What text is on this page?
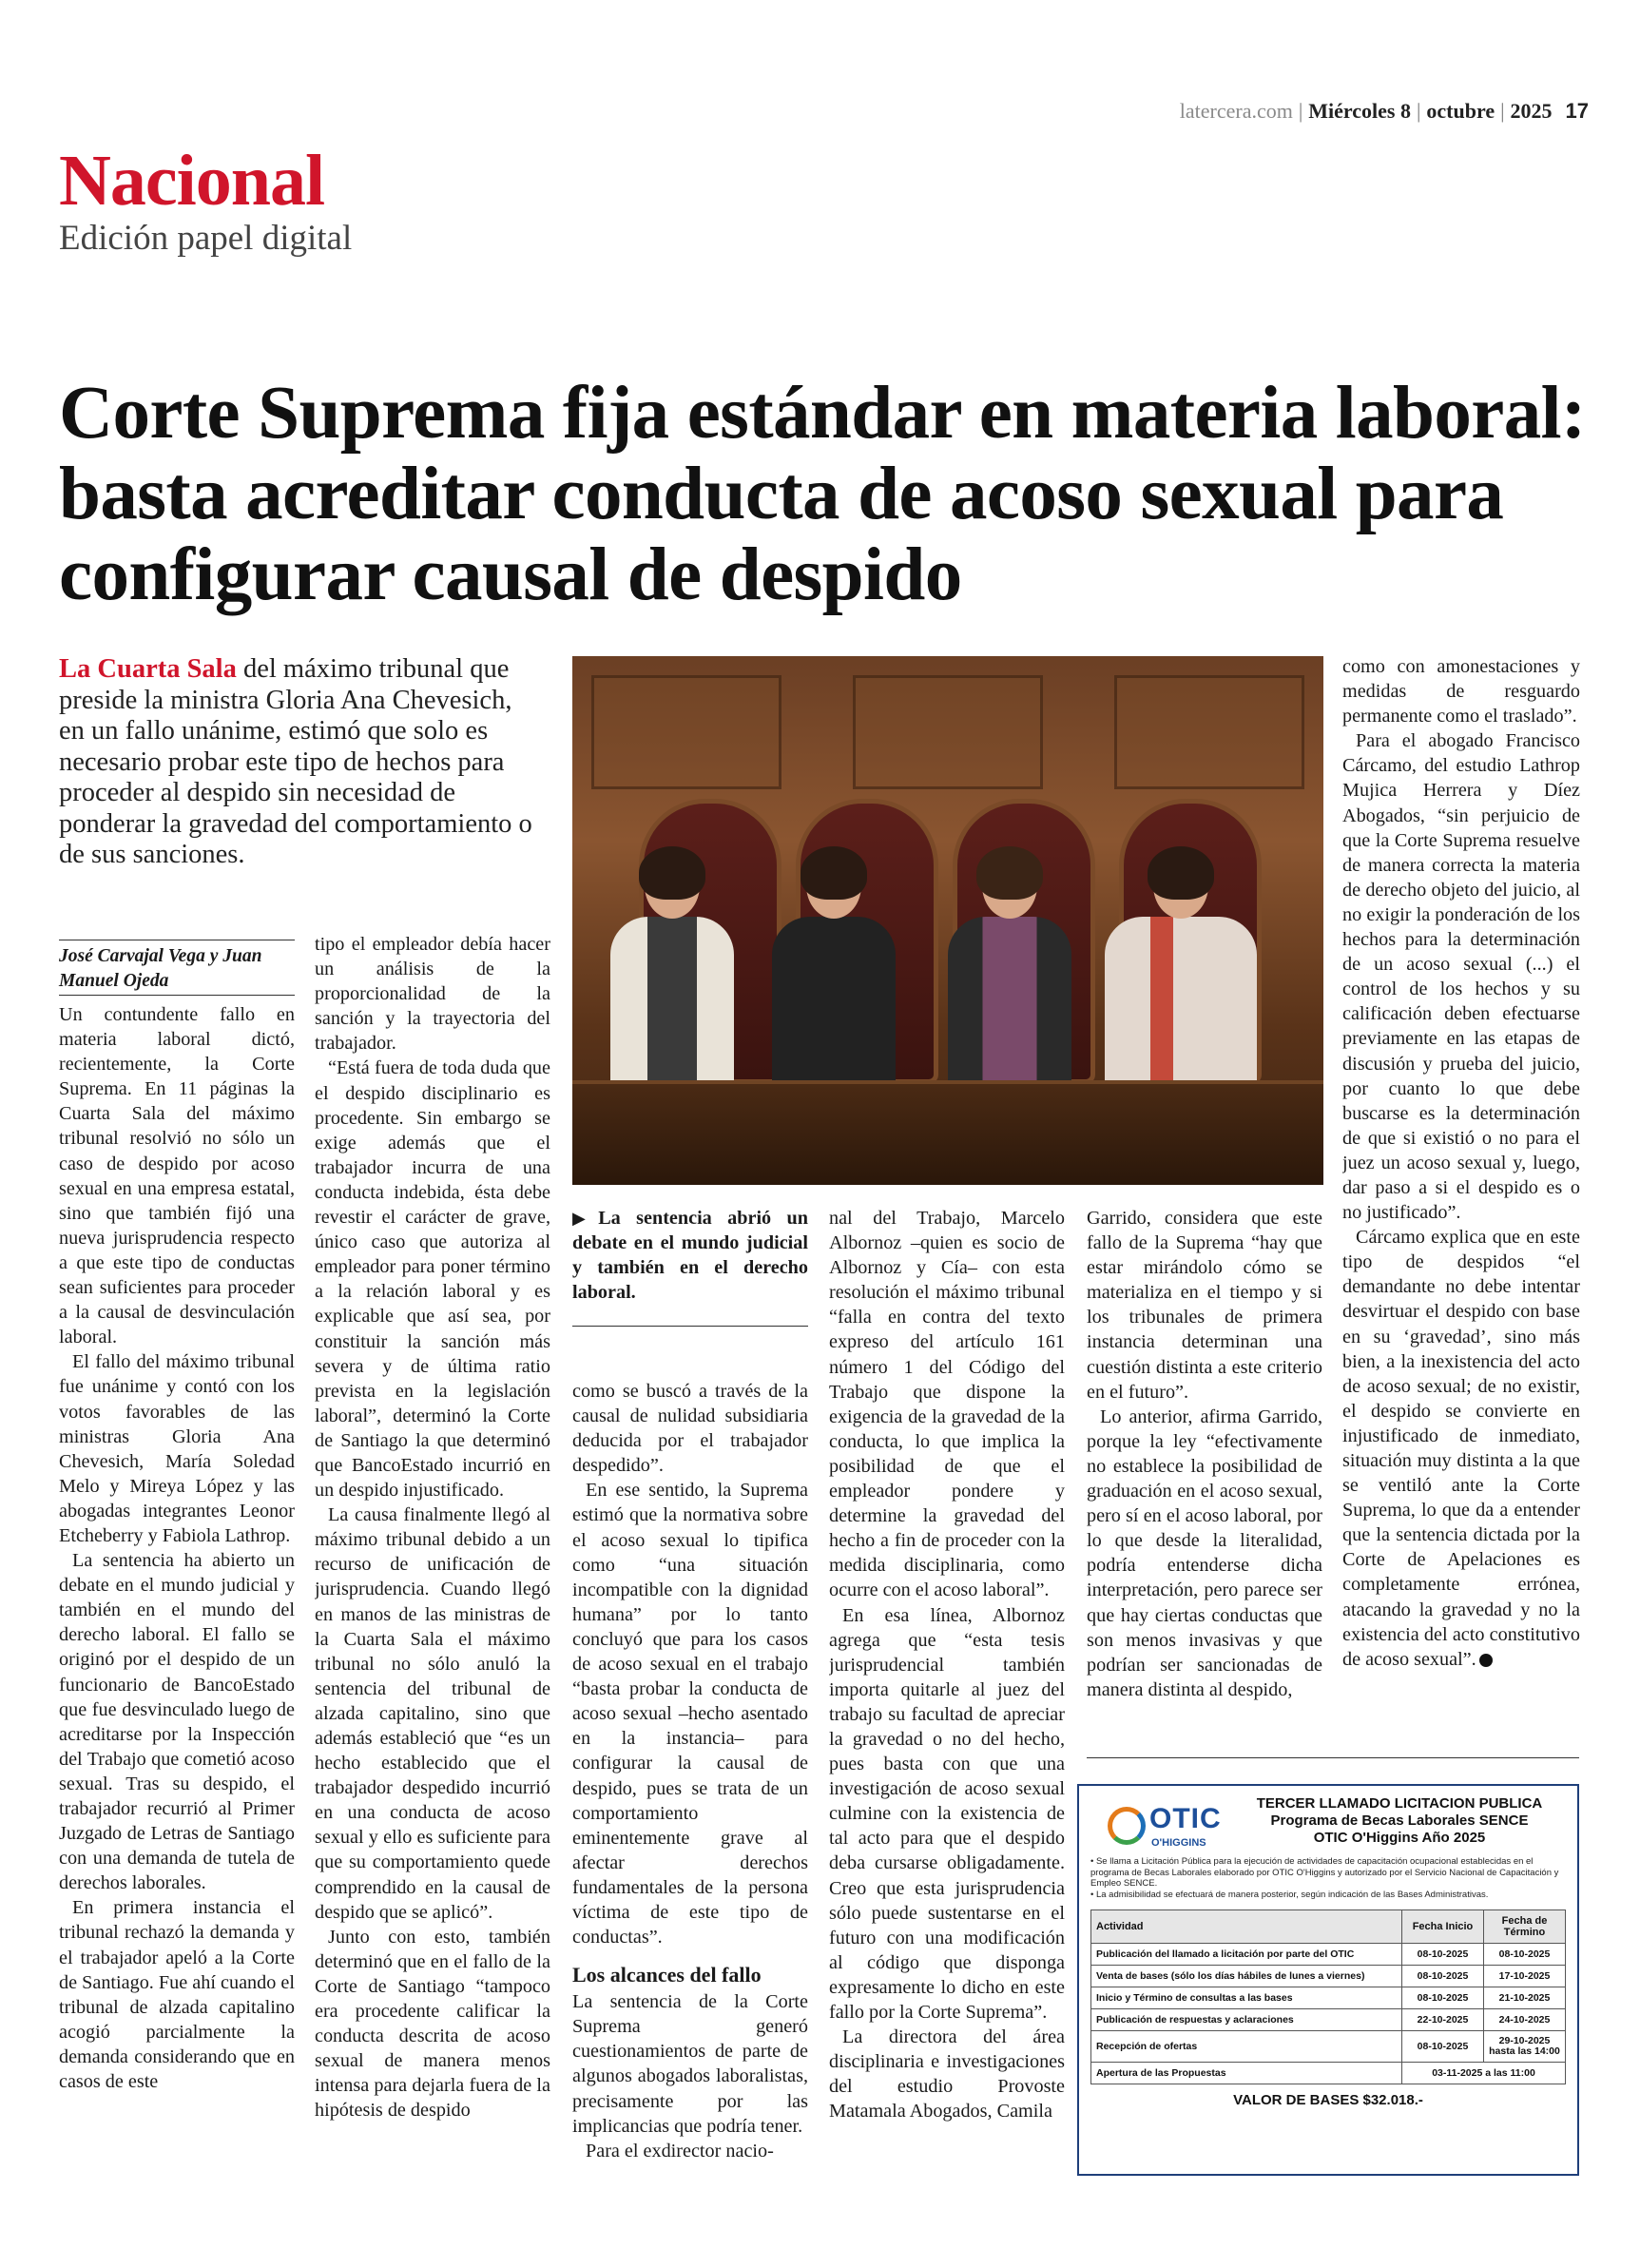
latercera.com | Miércoles 8 | octubre | 2025 17
Nacional
Edición papel digital
Corte Suprema fija estándar en materia laboral: basta acreditar conducta de acoso sexual para configurar causal de despido
La Cuarta Sala del máximo tribunal que preside la ministra Gloria Ana Chevesich, en un fallo unánime, estimó que solo es necesario probar este tipo de hechos para proceder al despido sin necesidad de ponderar la gravedad del comportamiento o de sus sanciones.
José Carvajal Vega y Juan Manuel Ojeda

Un contundente fallo en materia laboral dictó, recientemente, la Corte Suprema. En 11 páginas la Cuarta Sala del máximo tribunal resolvió no sólo un caso de despido por acoso sexual en una empresa estatal, sino que también fijó una nueva jurisprudencia respecto a que este tipo de conductas sean suficientes para proceder a la causal de desvinculación laboral.

El fallo del máximo tribunal fue unánime y contó con los votos favorables de las ministras Gloria Ana Chevesich, María Soledad Melo y Mireya López y las abogadas integrantes Leonor Etcheberry y Fabiola Lathrop.

La sentencia ha abierto un debate en el mundo judicial y también en el mundo del derecho laboral. El fallo se originó por el despido de un funcionario de BancoEstado que fue desvinculado luego de acreditarse por la Inspección del Trabajo que cometió acoso sexual. Tras su despido, el trabajador recurrió al Primer Juzgado de Letras de Santiago con una demanda de tutela de derechos laborales.

En primera instancia el tribunal rechazó la demanda y el trabajador apeló a la Corte de Santiago. Fue ahí cuando el tribunal de alzada capitalino acogió parcialmente la demanda considerando que en casos de este

tipo el empleador debía hacer un análisis de la proporcionalidad de la sanción y la trayectoria del trabajador.

“Está fuera de toda duda que el despido disciplinario es procedente. Sin embargo se exige además que el trabajador incurra de una conducta indebida, ésta debe revestir el carácter de grave, único caso que autoriza al empleador para poner término a la relación laboral y es explicable que así sea, por constituir la sanción más severa y de última ratio prevista en la legislación laboral”, determinó la Corte de Santiago la que determinó que BancoEstado incurrió en un despido injustificado.

La causa finalmente llegó al máximo tribunal debido a un recurso de unificación de jurisprudencia. Cuando llegó en manos de las ministras de la Cuarta Sala el máximo tribunal no sólo anuló la sentencia del tribunal de alzada capitalino, sino que además estableció que “es un hecho establecido que el trabajador despedido incurrió en una conducta de acoso sexual y ello es suficiente para que su comportamiento quede comprendido en la causal de despido que se aplicó”.

Junto con esto, también determinó que en el fallo de la Corte de Santiago “tampoco era procedente calificar la conducta descrita de acoso sexual de manera menos intensa para dejarla fuera de la hipótesis de despido

▶La sentencia abrió un debate en el mundo judicial y también en el derecho laboral.

como se buscó a través de la causal de nulidad subsidiaria deducida por el trabajador despedido”.

En ese sentido, la Suprema estimó que la normativa sobre el acoso sexual lo tipifica como “una situación incompatible con la dignidad humana” por lo tanto concluyó que para los casos de acoso sexual en el trabajo “basta probar la conducta de acoso sexual –hecho asentado en la instancia– para configurar la causal de despido, pues se trata de un comportamiento eminentemente grave al afectar derechos fundamentales de la persona víctima de este tipo de conductas”.

Los alcances del fallo

La sentencia de la Corte Suprema generó cuestionamientos de parte de algunos abogados laboralistas, precisamente por las implicancias que podría tener.

Para el exdirector nacio-

nal del Trabajo, Marcelo Albornoz –quien es socio de Albornoz y Cía– con esta resolución el máximo tribunal “falla en contra del texto expreso del artículo 161 número 1 del Código del Trabajo que dispone la exigencia de la gravedad de la conducta, lo que implica la posibilidad de que el empleador pondere y determine la gravedad del hecho a fin de proceder con la medida disciplinaria, como ocurre con el acoso laboral”.

En esa línea, Albornoz agrega que “esta tesis jurisprudencial también importa quitarle al juez del trabajo su facultad de apreciar la gravedad o no del hecho, pues basta con que una investigación de acoso sexual culmine con la existencia de tal acto para que el despido deba cursarse obligadamente. Creo que esta jurisprudencia sólo puede sustentarse en el futuro con una modificación al código que disponga expresamente lo dicho en este fallo por la Corte Suprema”.

La directora del área disciplinaria e investigaciones del estudio Provoste Matamala Abogados, Camila

Garrido, considera que este fallo de la Suprema “hay que estar mirándolo cómo se materializa en el tiempo y si los tribunales de primera instancia determinan una cuestión distinta a este criterio en el futuro”.

Lo anterior, afirma Garrido, porque la ley “efectivamente no establece la posibilidad de graduación en el acoso sexual, pero sí en el acoso laboral, por lo que desde la literalidad, podría entenderse dicha interpretación, pero parece ser que hay ciertas conductas que son menos invasivas y que podrían ser sancionadas de manera distinta al despido,

como con amonestaciones y medidas de resguardo permanente como el traslado”.

Para el abogado Francisco Cárcamo, del estudio Lathrop Mujica Herrera y Díez Abogados, “sin perjuicio de que la Corte Suprema resuelve de manera correcta la materia de derecho objeto del juicio, al no exigir la ponderación de los hechos para la determinación de un acoso sexual (...) el control de los hechos y su calificación deben efectuarse previamente en las etapas de discusión y prueba del juicio, por cuanto lo que debe buscarse es la determinación de que si existió o no para el juez un acoso sexual y, luego, dar paso a si el despido es o no justificado”.

Cárcamo explica que en este tipo de despidos “el demandante no debe intentar desvirtuar el despido con base en su ‘gravedad’, sino más bien, a la inexistencia del acto de acoso sexual; de no existir, el despido se convierte en injustificado de inmediato, situación muy distinta a la que se ventiló ante la Corte Suprema, lo que da a entender que la sentencia dictada por la Corte de Apelaciones es completamente errónea, atacando la gravedad y no la existencia del acto constitutivo de acoso sexual”.

OTIC
O'HIGGINS
TERCER LLAMADO LICITACION PUBLICA
Programa de Becas Laborales SENCE
OTIC O'Higgins Año 2025
• Se llama a Licitación Pública para la ejecución de actividades de capacitación ocupacional establecidas en el programa de Becas Laborales elaborado por OTIC O'Higgins y autorizado por el Servicio Nacional de Capacitación y Empleo SENCE.
• La admisibilidad se efectuará de manera posterior, según indicación de las Bases Administrativas.
Actividad	Fecha Inicio	Fecha de Término
Publicación del llamado a licitación por parte del OTIC	08-10-2025	08-10-2025
Venta de bases (sólo los días hábiles de lunes a viernes)	08-10-2025	17-10-2025
Inicio y Término de consultas a las bases	08-10-2025	21-10-2025
Publicación de respuestas y aclaraciones	22-10-2025	24-10-2025
Recepción de ofertas	08-10-2025	29-10-2025 hasta las 14:00
Apertura de las Propuestas	03-11-2025 a las 11:00	
VALOR DE BASES $32.018.-
